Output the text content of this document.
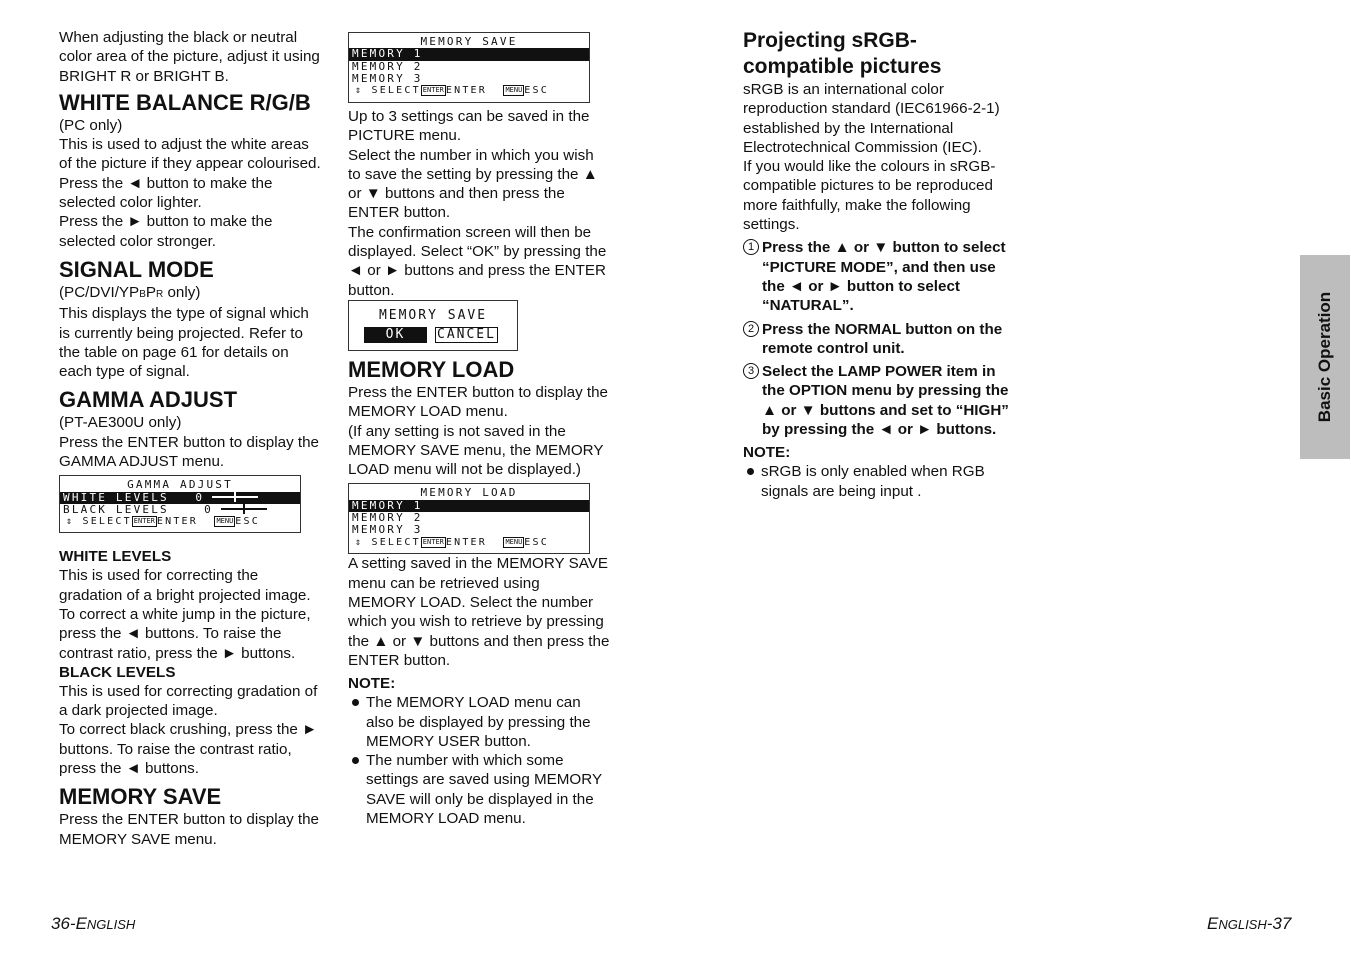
When adjusting the black or neutral color area of the picture, adjust it using BRIGHT R or BRIGHT B.

WHITE BALANCE R/G/B

(PC only)

This is used to adjust the white areas of the picture if they appear colourised.

Press the ◄ button to make the selected color lighter.

Press the ► button to make the selected color stronger.

SIGNAL MODE

(PC/DVI/YPBPR only)

This displays the type of signal which is currently being projected. Refer to the table on page 61 for details on each type of signal.

GAMMA ADJUST

(PT-AE300U only)

Press the ENTER button to display the GAMMA ADJUST menu.

GAMMA ADJUST
WHITE LEVELS 0
BLACK LEVELS	0
⇕ SELECT ENTER ENTER	MENU ESC
WHITE LEVELS

This is used for correcting the gradation of a bright projected image. To correct a white jump in the picture, press the ◄ buttons. To raise the contrast ratio, press the ► buttons.

BLACK LEVELS

This is used for correcting gradation of a dark projected image.

To correct black crushing, press the ► buttons. To raise the contrast ratio, press the ◄ buttons.

MEMORY SAVE

Press the ENTER button to display the MEMORY SAVE menu.

MEMORY SAVE
MEMORY 1
MEMORY 2
MEMORY 3
⇕ SELECT ENTER ENTER	MENU ESC

Up to 3 settings can be saved in the PICTURE menu.

Select the number in which you wish to save the setting by pressing the ▲ or ▼ buttons and then press the ENTER button.

The confirmation screen will then be displayed. Select “OK” by pressing the ◄ or ► buttons and press the ENTER button.

MEMORY SAVE
OK CANCEL
MEMORY LOAD

Press the ENTER button to display the MEMORY LOAD menu.

(If any setting is not saved in the MEMORY SAVE menu, the MEMORY LOAD menu will not be displayed.)

MEMORY LOAD
MEMORY 1
MEMORY 2
MEMORY 3
⇕ SELECT ENTER ENTER	MENU ESC

A setting saved in the MEMORY SAVE menu can be retrieved using MEMORY LOAD. Select the number which you wish to retrieve by pressing the ▲ or ▼ buttons and then press the ENTER button.

NOTE:
The MEMORY LOAD menu can also be displayed by pressing the MEMORY USER button.
The number with which some settings are saved using MEMORY SAVE will only be displayed in the MEMORY LOAD menu.
Projecting sRGB-compatible pictures

sRGB is an international color reproduction standard (IEC61966-2-1) established by the International Electrotechnical Commission (IEC).

If you would like the colours in sRGB-compatible pictures to be reproduced more faithfully, make the following settings.

1 Press the ▲ or ▼ button to select “PICTURE MODE”, and then use the ◄ or ► button to select “NATURAL”.
2 Press the NORMAL button on the remote control unit.
3 Select the LAMP POWER item in the OPTION menu by pressing the ▲ or ▼ buttons and set to “HIGH” by pressing the ◄ or ► buttons.
NOTE:
sRGB is only enabled when RGB signals are being input .
Basic Operation
36-ENGLISH	ENGLISH-37
